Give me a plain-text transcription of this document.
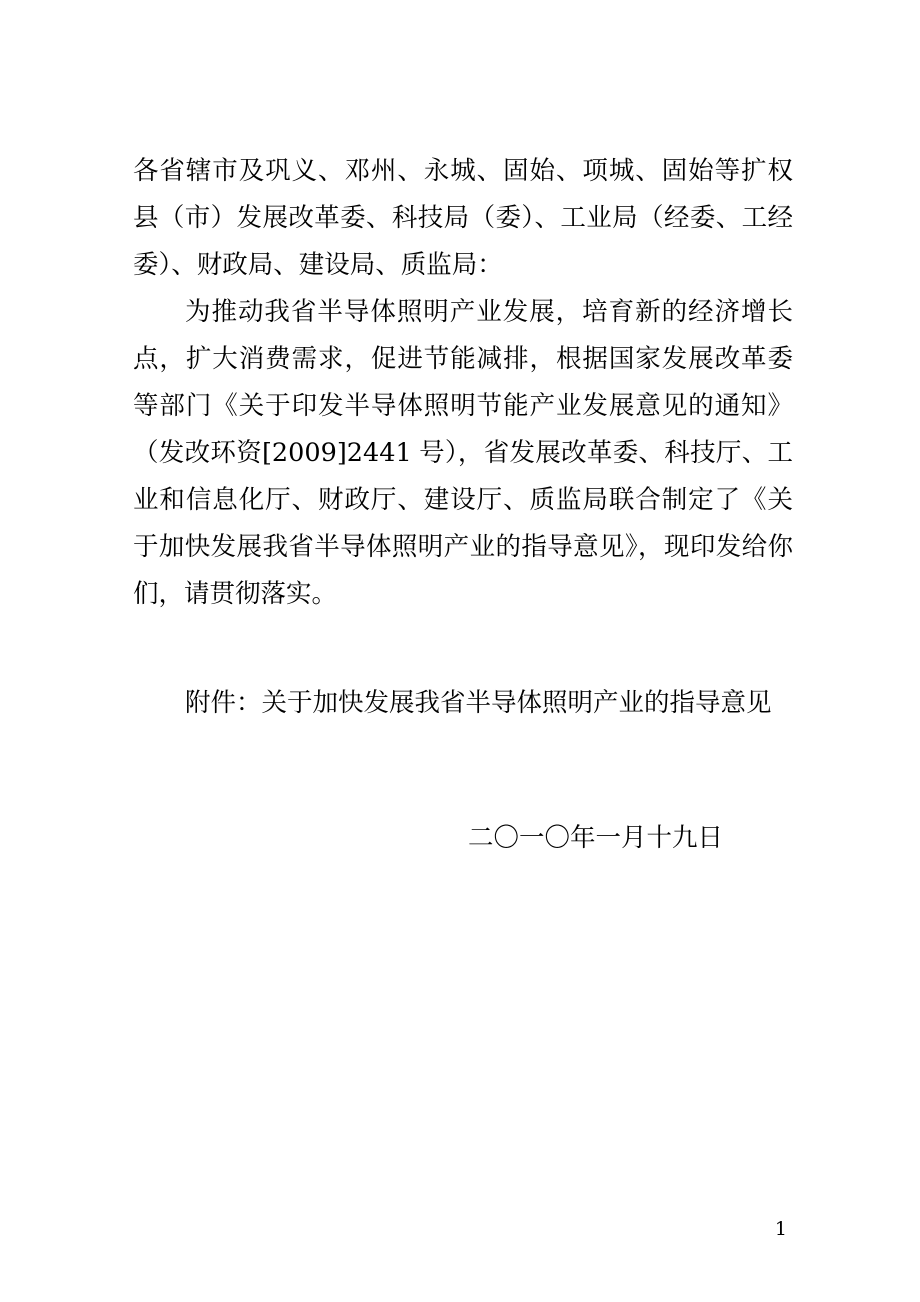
各省辖市及巩义、邓州、永城、固始、项城、固始等扩权县（市）发展改革委、科技局（委）、工业局（经委、工经委）、财政局、建设局、质监局：

为推动我省半导体照明产业发展，培育新的经济增长点，扩大消费需求，促进节能减排，根据国家发展改革委等部门《关于印发半导体照明节能产业发展意见的通知》（发改环资[2009]2441 号），省发展改革委、科技厅、工业和信息化厅、财政厅、建设厅、质监局联合制定了《关于加快发展我省半导体照明产业的指导意见》，现印发给你们，请贯彻落实。

附件：关于加快发展我省半导体照明产业的指导意见

二〇一〇年一月十九日

1
